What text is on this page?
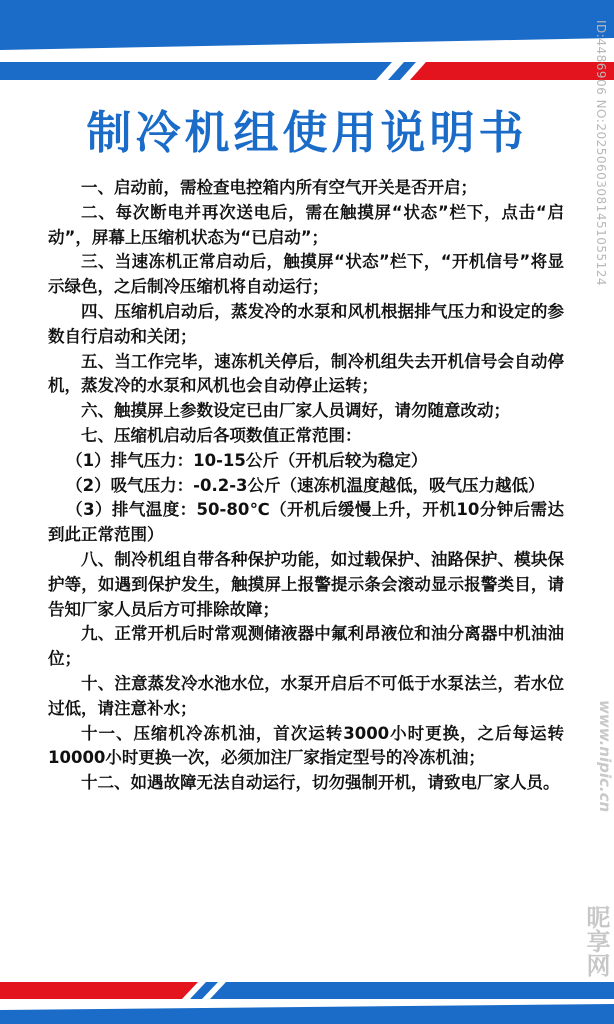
制冷机组使用说明书

一、启动前，需检查电控箱内所有空气开关是否开启；

二、每次断电并再次送电后，需在触摸屏“状态”栏下，点击“启动”，屏幕上压缩机状态为“已启动”；

三、当速冻机正常启动后，触摸屏“状态”栏下，“开机信号”将显示绿色，之后制冷压缩机将自动运行；

四、压缩机启动后，蒸发冷的水泵和风机根据排气压力和设定的参数自行启动和关闭；

五、当工作完毕，速冻机关停后，制冷机组失去开机信号会自动停机，蒸发冷的水泵和风机也会自动停止运转；

六、触摸屏上参数设定已由厂家人员调好，请勿随意改动；

七、压缩机启动后各项数值正常范围：

（1）排气压力：10-15公斤（开机后较为稳定）

（2）吸气压力：-0.2-3公斤（速冻机温度越低，吸气压力越低）

（3）排气温度：50-80℃（开机后缓慢上升，开机10分钟后需达到此正常范围）

八、制冷机组自带各种保护功能，如过载保护、油路保护、模块保护等，如遇到保护发生，触摸屏上报警提示条会滚动显示报警类目，请告知厂家人员后方可排除故障；

九、正常开机后时常观测储液器中氟利昂液位和油分离器中机油油位；

十、注意蒸发冷水池水位，水泵开启后不可低于水泵法兰，若水位过低，请注意补水；

十一、压缩机冷冻机油，首次运转3000小时更换，之后每运转10000小时更换一次，必须加注厂家指定型号的冷冻机油；

十二、如遇故障无法自动运行，切勿强制开机，请致电厂家人员。

ID:4486906 NO:20250603081451055124
www.nipic.cn
昵享网
